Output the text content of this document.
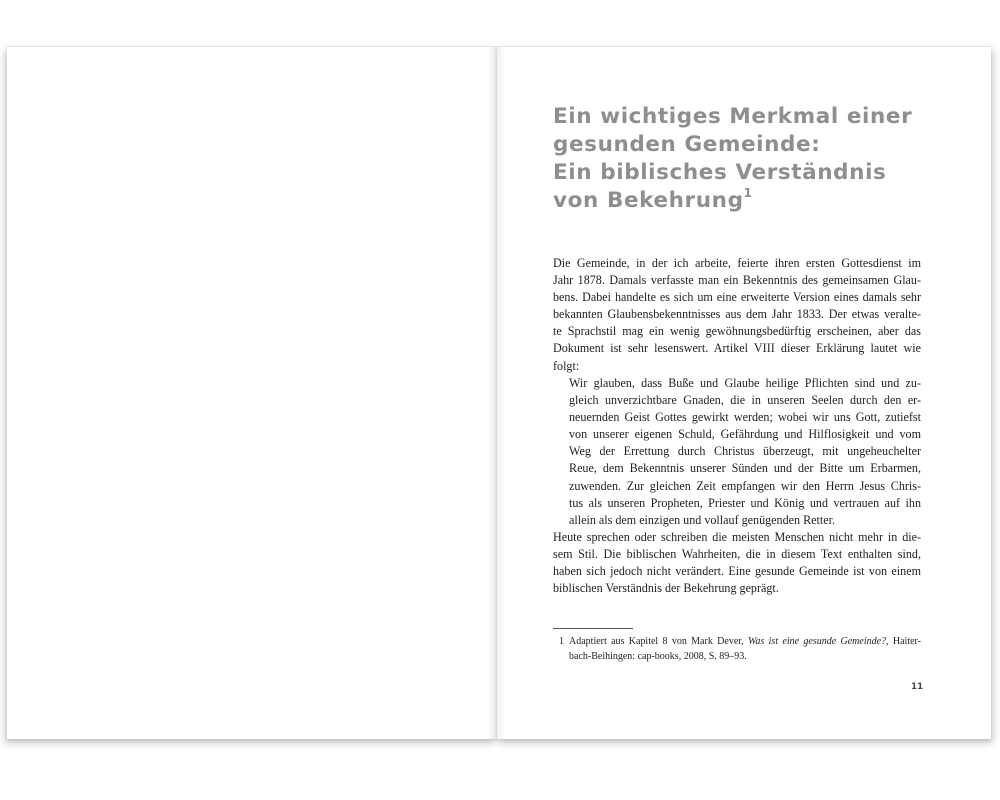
Ein wichtiges Merkmal einer
gesunden Gemeinde:
Ein biblisches Verständnis
von Bekehrung$^1$
Die Gemeinde, in der ich arbeite, feierte ihren ersten Gottesdienst im
Jahr 1878. Damals verfasste man ein Bekenntnis des gemeinsamen Glau-
bens. Dabei handelte es sich um eine erweiterte Version eines damals sehr
bekannten Glaubensbekenntnisses aus dem Jahr 1833. Der etwas veralte-
te Sprachstil mag ein wenig gewöhnungsbedürftig erscheinen, aber das
Dokument ist sehr lesenswert. Artikel VIII dieser Erklärung lautet wie
folgt:
Wir glauben, dass Buße und Glaube heilige Pflichten sind und zu-
gleich unverzichtbare Gnaden, die in unseren Seelen durch den er-
neuernden Geist Gottes gewirkt werden; wobei wir uns Gott, zutiefst
von unserer eigenen Schuld, Gefährdung und Hilflosigkeit und vom
Weg der Errettung durch Christus überzeugt, mit ungeheuchelter
Reue, dem Bekenntnis unserer Sünden und der Bitte um Erbarmen,
zuwenden. Zur gleichen Zeit empfangen wir den Herrn Jesus Chris-
tus als unseren Propheten, Priester und König und vertrauen auf ihn
allein als dem einzigen und vollauf genügenden Retter.
Heute sprechen oder schreiben die meisten Menschen nicht mehr in die-
sem Stil. Die biblischen Wahrheiten, die in diesem Text enthalten sind,
haben sich jedoch nicht verändert. Eine gesunde Gemeinde ist von einem
biblischen Verständnis der Bekehrung geprägt.
1 Adaptiert aus Kapitel 8 von Mark Dever, Was ist eine gesunde Gemeinde?, Haiter-
bach-Beihingen: cap-books, 2008, S. 89–93.
11
